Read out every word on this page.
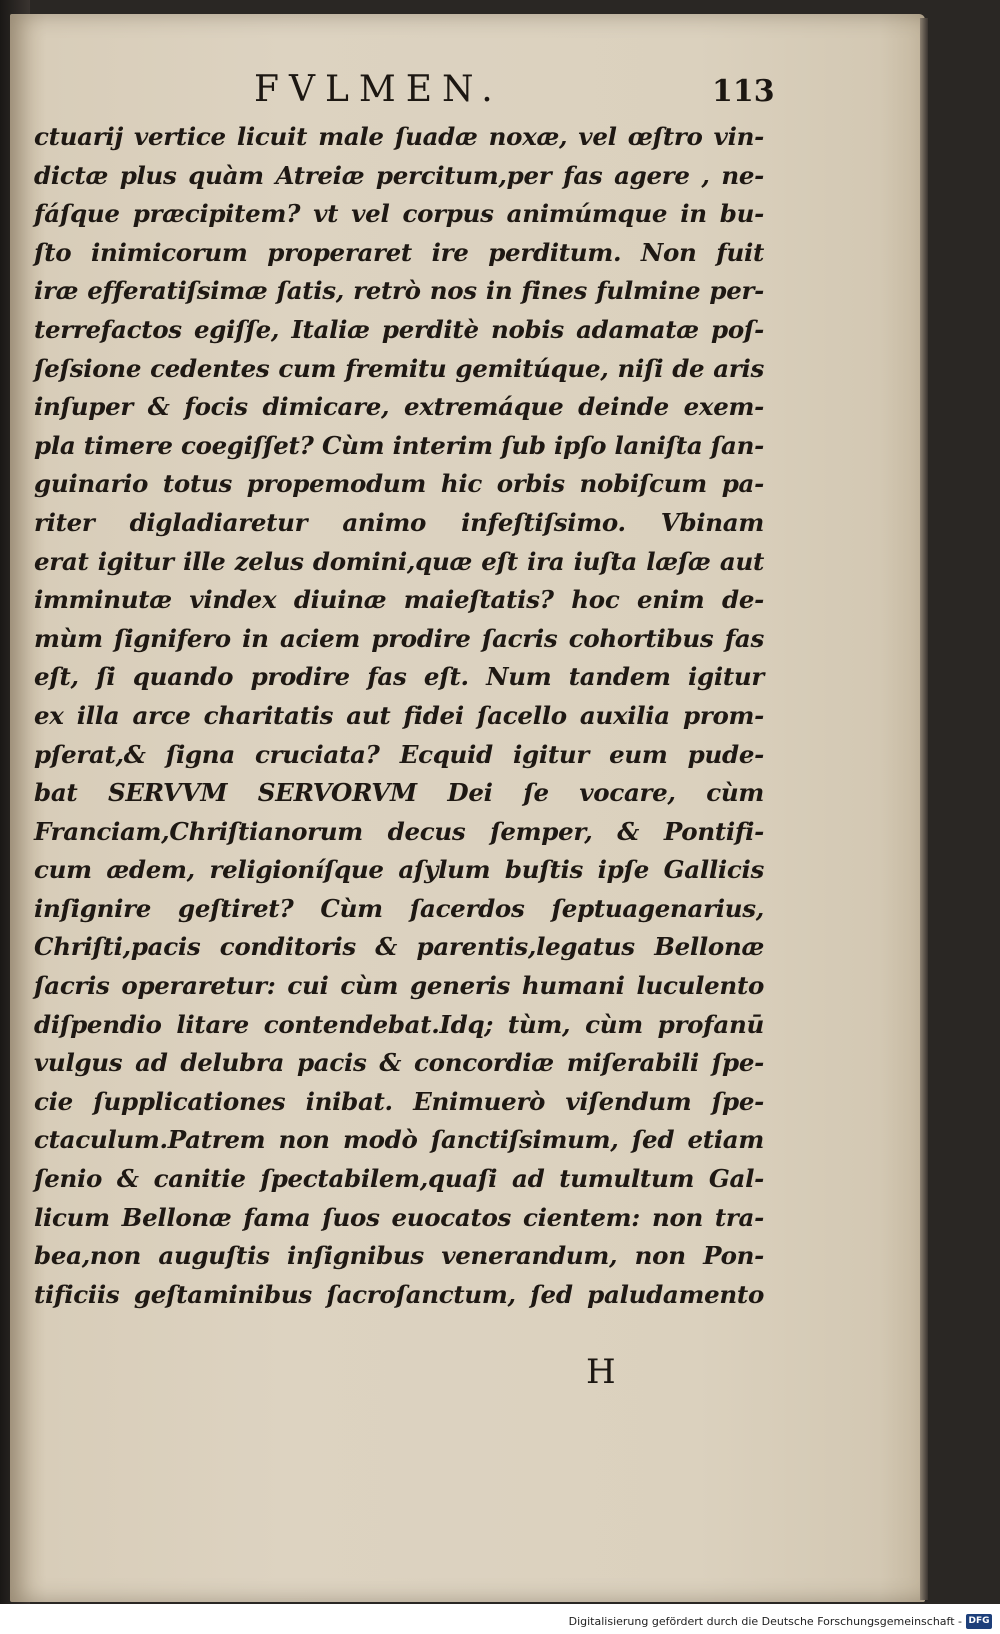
FVLMEN.	113
ctuarij vertice licuit male ſuadæ noxæ, vel œſtro vin-
dictæ plus quàm Atreiæ percitum,per fas agere , ne-
fáſque præcipitem? vt vel corpus animúmque in bu-
ſto inimicorum properaret ire perditum. Non fuit
iræ efferatiſsimæ ſatis, retrò nos in fines fulmine per-
terrefactos egiſſe, Italiæ perditè nobis adamatæ poſ-
ſeſsione cedentes cum fremitu gemitúque, niſi de aris
inſuper & focis dimicare, extremáque deinde exem-
pla timere coegiſſet? Cùm interim ſub ipſo laniſta ſan-
guinario totus propemodum hic orbis nobiſcum pa-
riter digladiaretur animo infeſtiſsimo. Vbinam
erat igitur ille zelus domini,quæ eſt ira iuſta læſæ aut
imminutæ vindex diuinæ maieſtatis? hoc enim de-
mùm ſignifero in aciem prodire ſacris cohortibus fas
eſt, ſi quando prodire fas eſt. Num tandem igitur
ex illa arce charitatis aut fidei ſacello auxilia prom-
pſerat,& ſigna cruciata? Ecquid igitur eum pude-
bat SERVVM SERVORVM Dei ſe vocare, cùm
Franciam,Chriſtianorum decus ſemper, & Pontifi-
cum ædem, religioníſque aſylum buſtis ipſe Gallicis
inſignire geſtiret? Cùm ſacerdos ſeptuagenarius,
Chriſti,pacis conditoris & parentis,legatus Bellonæ
ſacris operaretur: cui cùm generis humani luculento
diſpendio litare contendebat.Idq; tùm, cùm profanū
vulgus ad delubra pacis & concordiæ miſerabili ſpe-
cie ſupplicationes inibat. Enimuerò viſendum ſpe-
ctaculum.Patrem non modò ſanctiſsimum, ſed etiam
ſenio & canitie ſpectabilem,quaſi ad tumultum Gal-
licum Bellonæ fama ſuos euocatos cientem: non tra-
bea,non auguſtis inſignibus venerandum, non Pon-
tificiis geſtaminibus ſacroſanctum, ſed paludamento
H
Digitalisierung gefördert durch die Deutsche Forschungsgemeinschaft - DFG
